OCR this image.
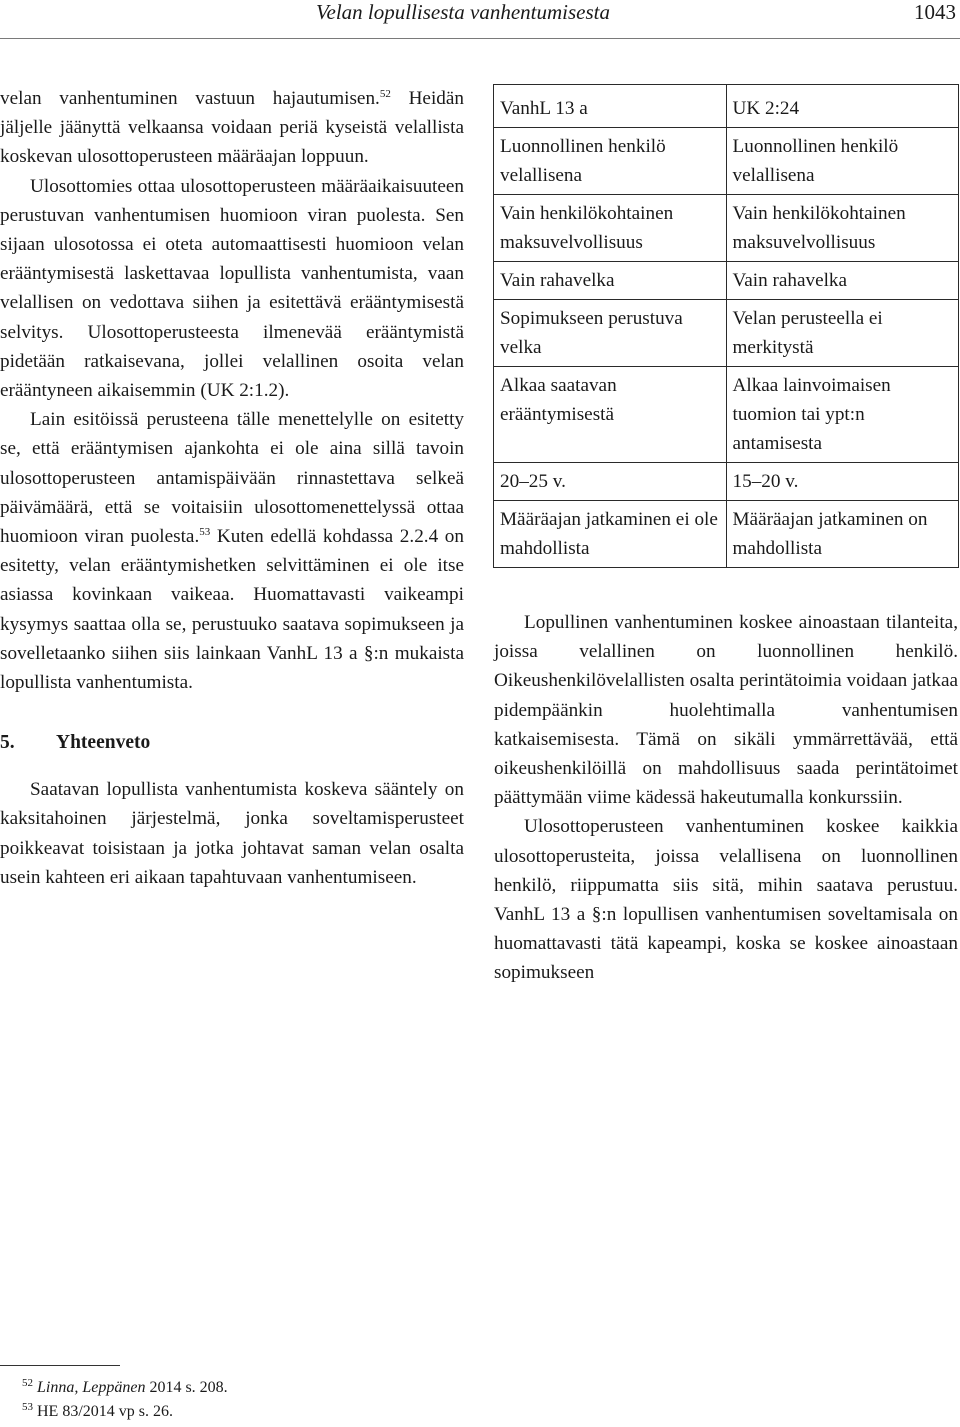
Velan lopullisesta vanhentumisesta	1043

velan vanhentuminen vastuun hajautumisen.$^{52}$ Heidän jäljelle jäänyttä velkaansa voidaan periä kyseistä velallista koskevan ulosottoperusteen määräajan loppuun.

Ulosottomies ottaa ulosottoperusteen määräaikaisuuteen perustuvan vanhentumisen huomioon viran puolesta. Sen sijaan ulosotossa ei oteta automaattisesti huomioon velan erääntymisestä laskettavaa lopullista vanhentumista, vaan velallisen on vedottava siihen ja esitettävä erääntymisestä selvitys. Ulosottoperusteesta ilmenevää erääntymistä pidetään ratkaisevana, jollei velallinen osoita velan erääntyneen aikaisemmin (UK 2:1.2).

Lain esitöissä perusteena tälle menettelylle on esitetty se, että erääntymisen ajankohta ei ole aina sillä tavoin ulosottoperusteen antamispäivään rinnastettava selkeä päivämäärä, että se voitaisiin ulosottomenettelyssä ottaa huomioon viran puolesta.$^{53}$ Kuten edellä kohdassa 2.2.4 on esitetty, velan erääntymishetken selvittäminen ei ole itse asiassa kovinkaan vaikeaa. Huomattavasti vaikeampi kysymys saattaa olla se, perustuuko saatava sopimukseen ja sovelletaanko siihen siis lainkaan VanhL 13 a §:n mukaista lopullista vanhentumista.

5. Yhteenveto

Saatavan lopullista vanhentumista koskeva sääntely on kaksitahoinen järjestelmä, jonka soveltamisperusteet poikkeavat toisistaan ja jotka johtavat saman velan osalta usein kahteen eri aikaan tapahtuvaan vanhentumiseen.

VanhL 13 a	UK 2:24
Luonnollinen henkilö velallisena	Luonnollinen henkilö velallisena
Vain henkilökohtainen maksuvelvollisuus	Vain henkilökohtainen maksuvelvollisuus
Vain rahavelka	Vain rahavelka
Sopimukseen perustuva velka	Velan perusteella ei merkitystä
Alkaa saatavan erääntymisestä	Alkaa lainvoimaisen tuomion tai ypt:n antamisesta
20–25 v.	15–20 v.
Määräajan jatkaminen ei ole mahdollista	Määräajan jatkaminen on mahdollista

Lopullinen vanhentuminen koskee ainoastaan tilanteita, joissa velallinen on luonnollinen henkilö. Oikeushenkilövelallisten osalta perintätoimia voidaan jatkaa pidempäänkin huolehtimalla vanhentumisen katkaisemisesta. Tämä on sikäli ymmärrettävää, että oikeushenkilöillä on mahdollisuus saada perintätoimet päättymään viime kädessä hakeutumalla konkurssiin.

Ulosottoperusteen vanhentuminen koskee kaikkia ulosottoperusteita, joissa velallisena on luonnollinen henkilö, riippumatta siis sitä, mihin saatava perustuu. VanhL 13 a §:n lopullisen vanhentumisen soveltamisala on huomattavasti tätä kapeampi, koska se koskee ainoastaan sopimukseen

$^{52}$ Linna, Leppänen 2014 s. 208.
$^{53}$ HE 83/2014 vp s. 26.
